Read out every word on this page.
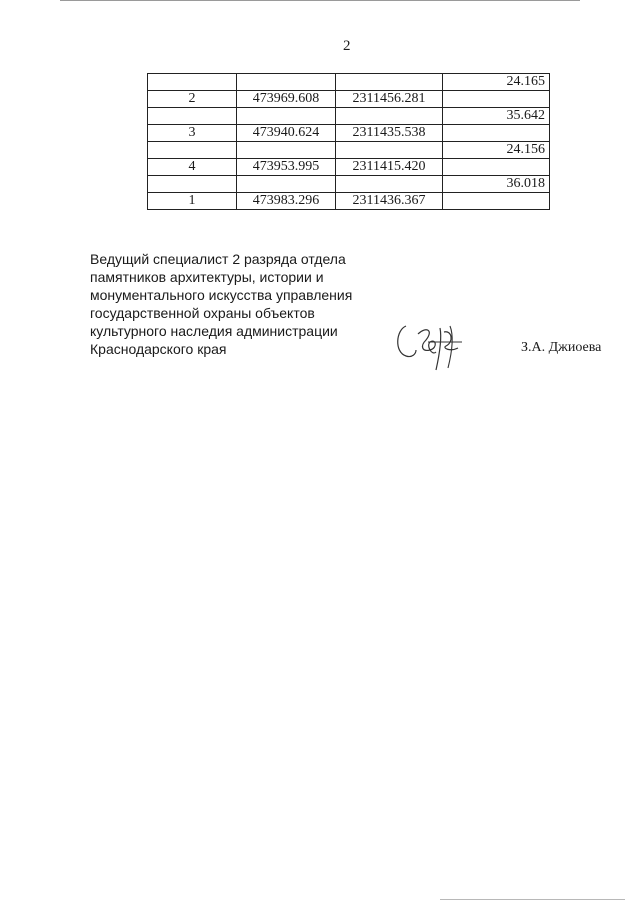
2
			24.165
2	473969.608	2311456.281	
			35.642
3	473940.624	2311435.538	
			24.156
4	473953.995	2311415.420	
			36.018
1	473983.296	2311436.367	
Ведущий специалист 2 разряда отдела
памятников архитектуры, истории и
монументального искусства управления
государственной охраны объектов
культурного наследия администрации
Краснодарского края	З.А. Джиоева
